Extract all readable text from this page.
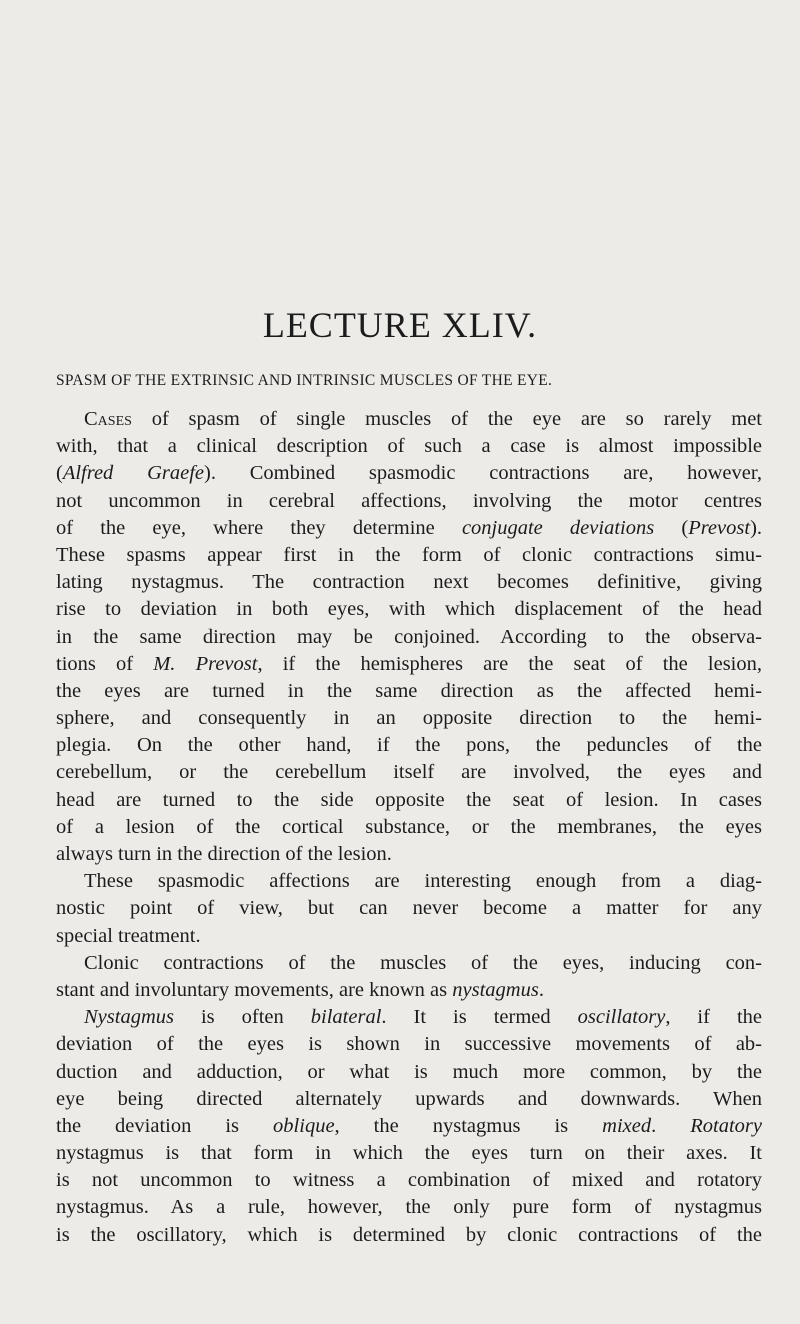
LECTURE XLIV.

SPASM OF THE EXTRINSIC AND INTRINSIC MUSCLES OF THE EYE.

Cases of spasm of single muscles of the eye are so rarely met
with, that a clinical description of such a case is almost impossible
(Alfred Graefe). Combined spasmodic contractions are, however,
not uncommon in cerebral affections, involving the motor centres
of the eye, where they determine conjugate deviations (Prevost).
These spasms appear first in the form of clonic contractions simu-
lating nystagmus. The contraction next becomes definitive, giving
rise to deviation in both eyes, with which displacement of the head
in the same direction may be conjoined. According to the observa-
tions of M. Prevost, if the hemispheres are the seat of the lesion,
the eyes are turned in the same direction as the affected hemi-
sphere, and consequently in an opposite direction to the hemi-
plegia. On the other hand, if the pons, the peduncles of the
cerebellum, or the cerebellum itself are involved, the eyes and
head are turned to the side opposite the seat of lesion. In cases
of a lesion of the cortical substance, or the membranes, the eyes
always turn in the direction of the lesion.
These spasmodic affections are interesting enough from a diag-
nostic point of view, but can never become a matter for any
special treatment.
Clonic contractions of the muscles of the eyes, inducing con-
stant and involuntary movements, are known as nystagmus.
Nystagmus is often bilateral. It is termed oscillatory, if the
deviation of the eyes is shown in successive movements of ab-
duction and adduction, or what is much more common, by the
eye being directed alternately upwards and downwards. When
the deviation is oblique, the nystagmus is mixed. Rotatory
nystagmus is that form in which the eyes turn on their axes. It
is not uncommon to witness a combination of mixed and rotatory
nystagmus. As a rule, however, the only pure form of nystagmus
is the oscillatory, which is determined by clonic contractions of the
